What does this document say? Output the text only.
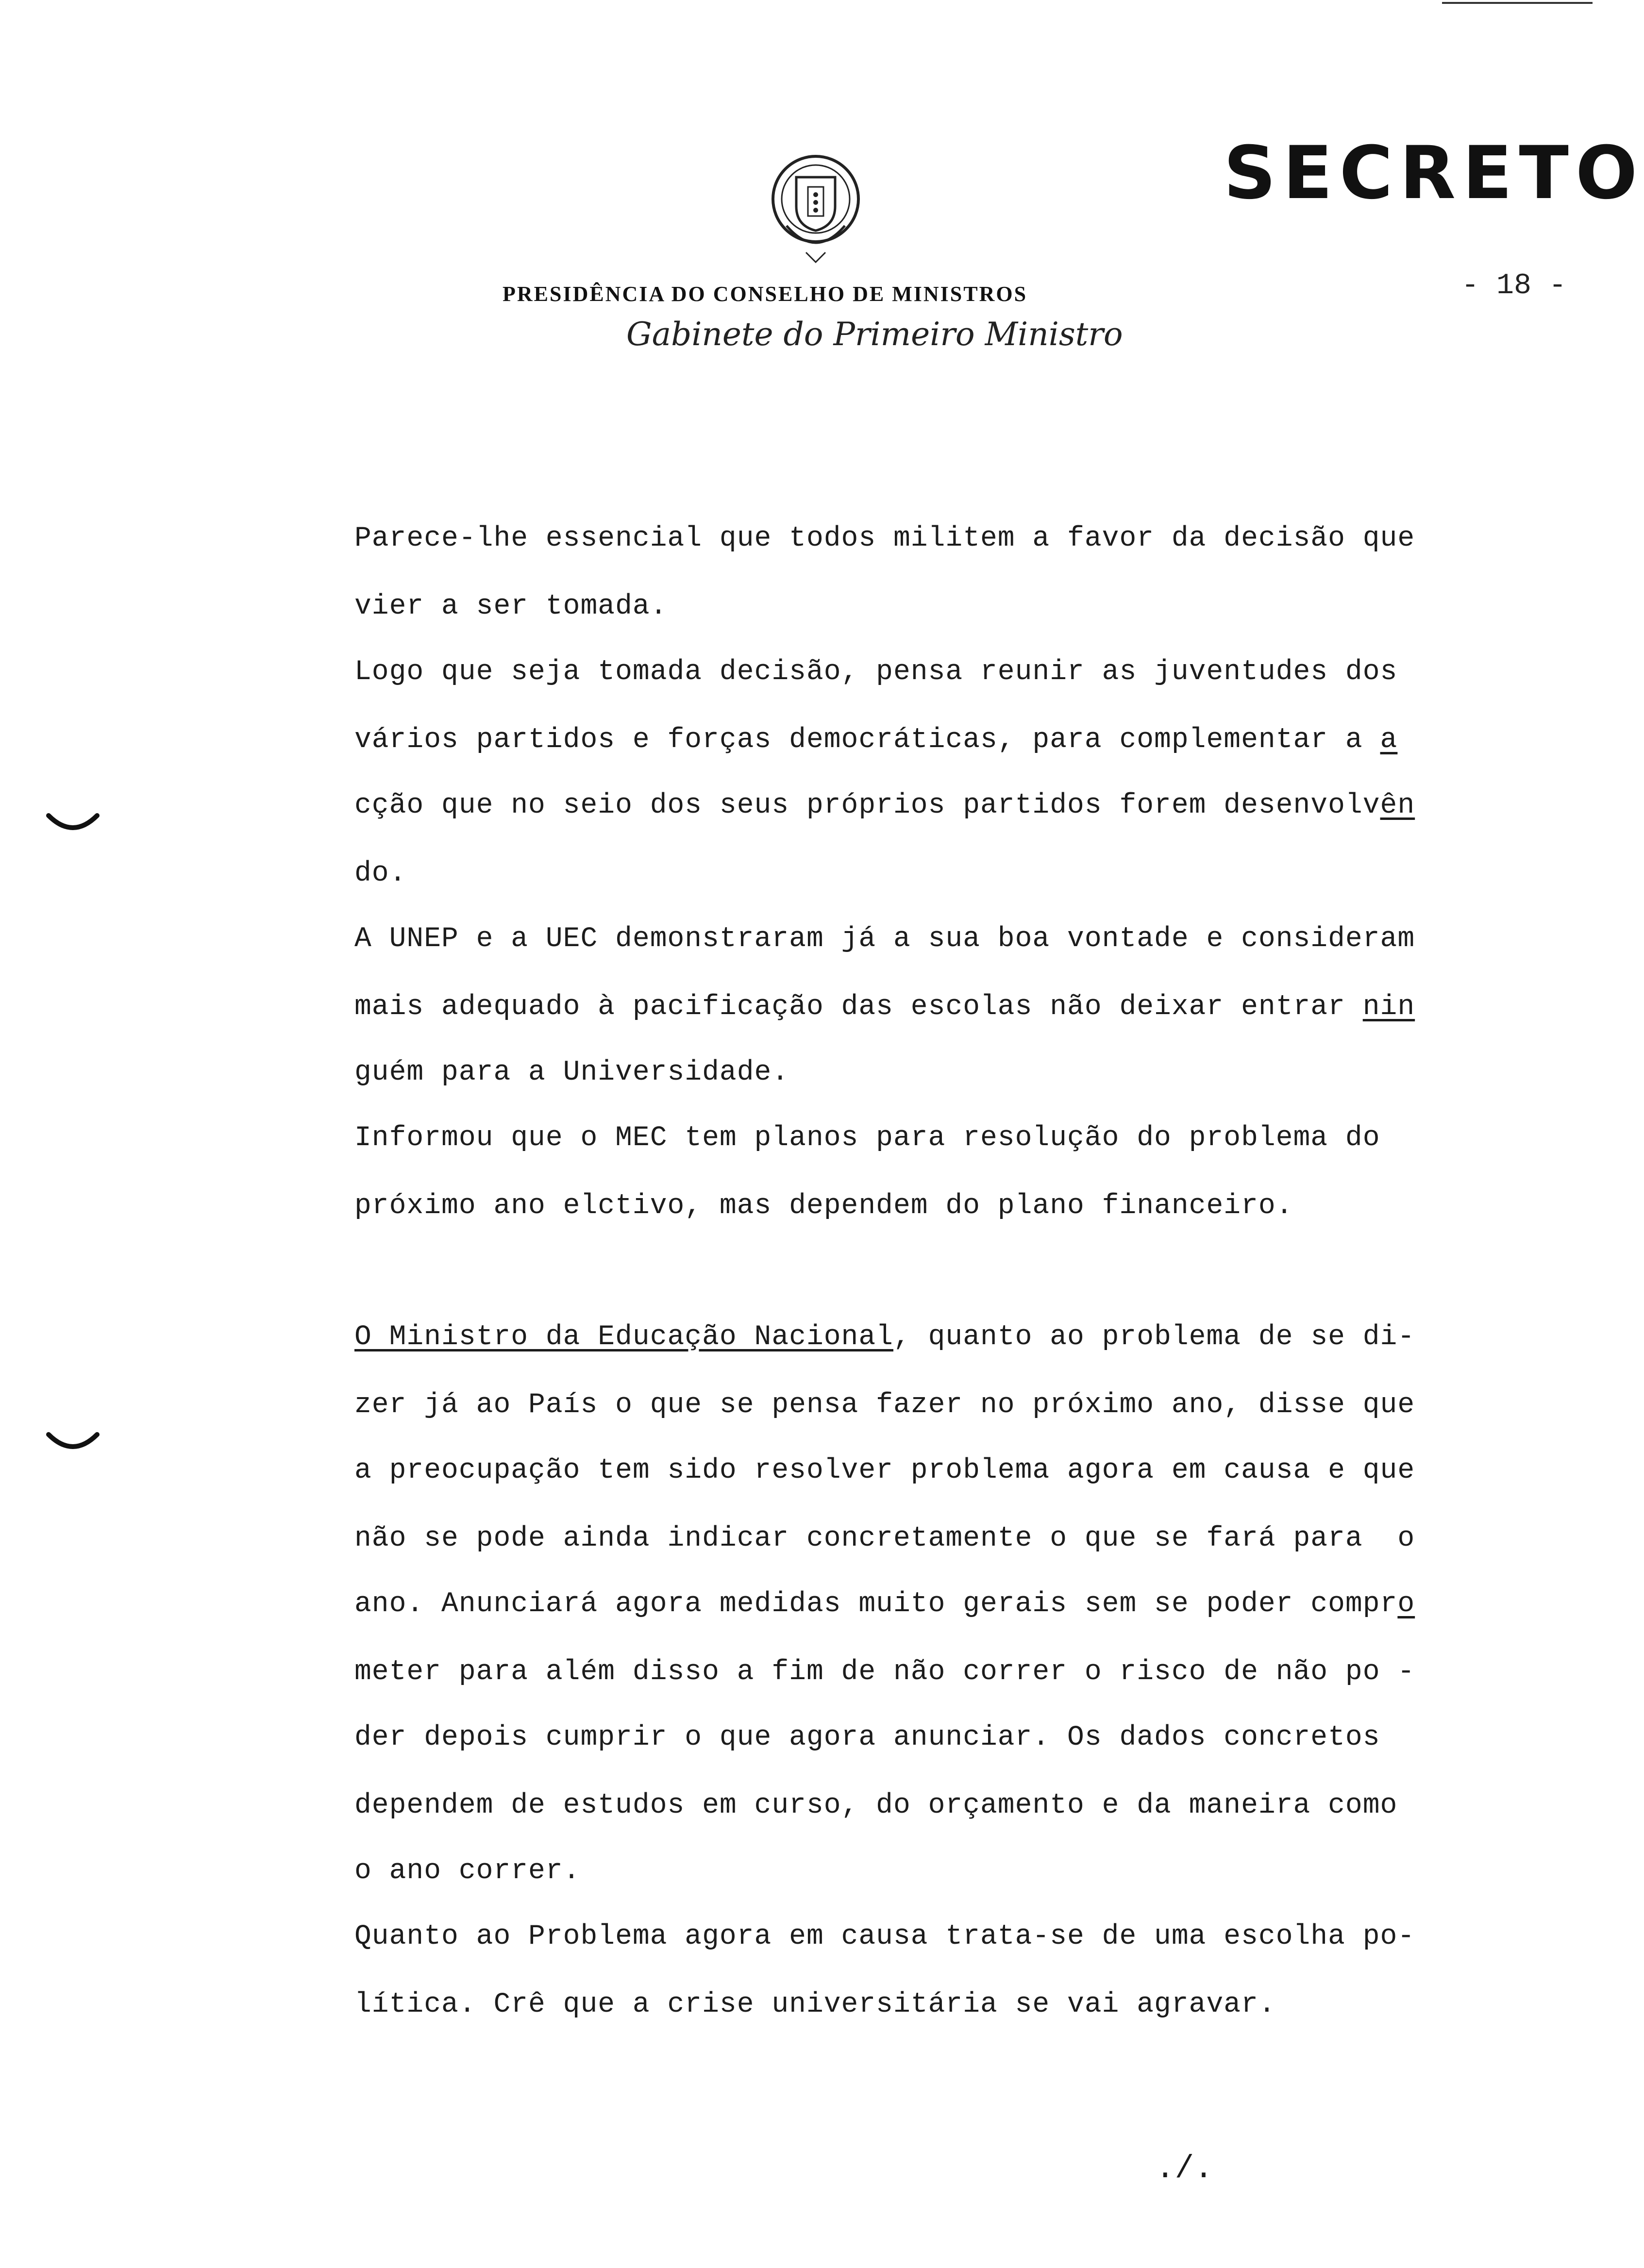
SECRETO
- 18 -
PRESIDÊNCIA DO CONSELHO DE MINISTROS
Gabinete do Primeiro Ministro
Parece-lhe essencial que todos militem a favor da decisão que
vier a ser tomada.
Logo que seja tomada decisão, pensa reunir as juventudes dos
vários partidos e forças democráticas, para complementar a a
cção que no seio dos seus próprios partidos forem desenvolvên
do.
A UNEP e a UEC demonstraram já a sua boa vontade e consideram
mais adequado à pacificação das escolas não deixar entrar nin
guém para a Universidade.
Informou que o MEC tem planos para resolução do problema do
próximo ano elctivo, mas dependem do plano financeiro.
O Ministro da Educação Nacional, quanto ao problema de se di-
zer já ao País o que se pensa fazer no próximo ano, disse que
a preocupação tem sido resolver problema agora em causa e que
não se pode ainda indicar concretamente o que se fará para  o
ano. Anunciará agora medidas muito gerais sem se poder compro
meter para além disso a fim de não correr o risco de não po -
der depois cumprir o que agora anunciar. Os dados concretos
dependem de estudos em curso, do orçamento e da maneira como
o ano correr.
Quanto ao Problema agora em causa trata-se de uma escolha po-
lítica. Crê que a crise universitária se vai agravar.
./.
